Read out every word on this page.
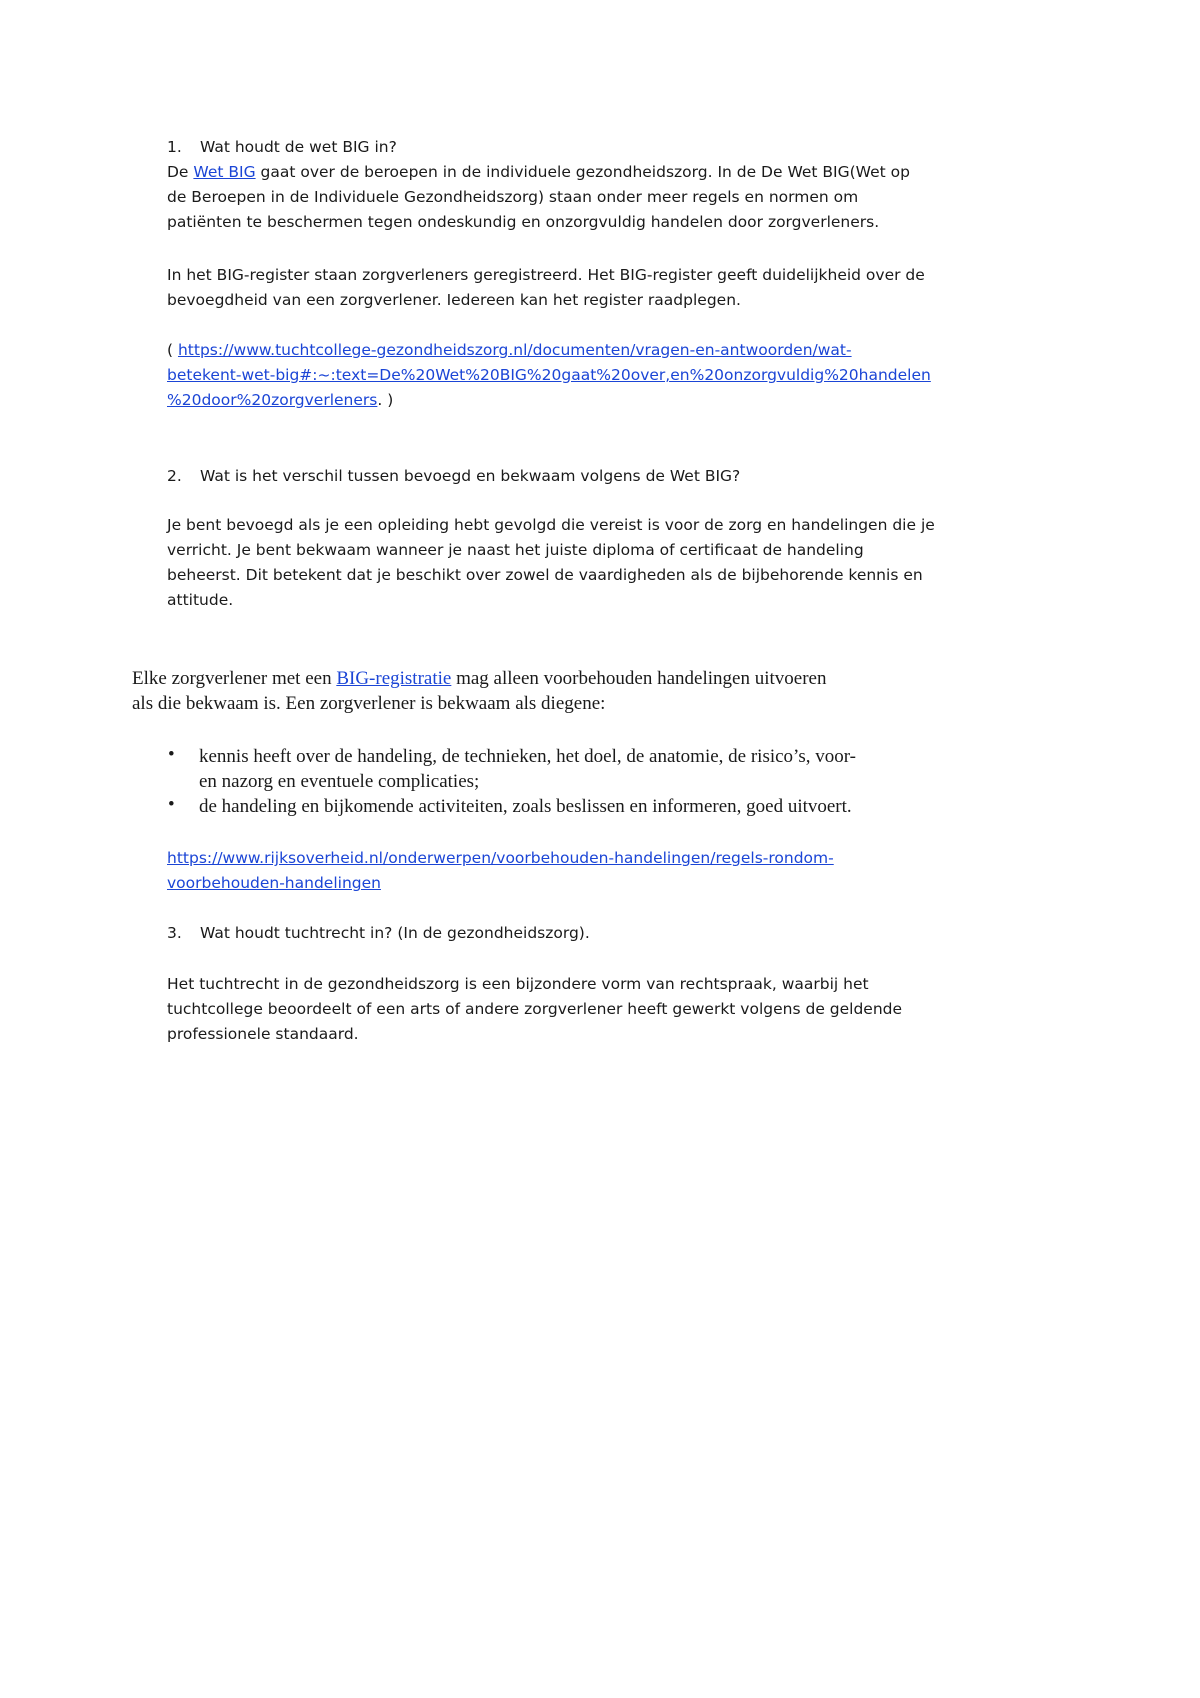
1. Wat houdt de wet BIG in?
De Wet BIG gaat over de beroepen in de individuele gezondheidszorg. In de De Wet BIG(Wet op
de Beroepen in de Individuele Gezondheidszorg) staan onder meer regels en normen om
patiënten te beschermen tegen ondeskundig en onzorgvuldig handelen door zorgverleners.
In het BIG-register staan zorgverleners geregistreerd. Het BIG-register geeft duidelijkheid over de
bevoegdheid van een zorgverlener. Iedereen kan het register raadplegen.
( https://www.tuchtcollege-gezondheidszorg.nl/documenten/vragen-en-antwoorden/wat-
betekent-wet-big#:~:text=De%20Wet%20BIG%20gaat%20over,en%20onzorgvuldig%20handelen
%20door%20zorgverleners. )
2. Wat is het verschil tussen bevoegd en bekwaam volgens de Wet BIG?
Je bent bevoegd als je een opleiding hebt gevolgd die vereist is voor de zorg en handelingen die je
verricht. Je bent bekwaam wanneer je naast het juiste diploma of certificaat de handeling
beheerst. Dit betekent dat je beschikt over zowel de vaardigheden als de bijbehorende kennis en
attitude.
Elke zorgverlener met een BIG-registratie mag alleen voorbehouden handelingen uitvoeren
als die bekwaam is. Een zorgverlener is bekwaam als diegene:
• kennis heeft over de handeling, de technieken, het doel, de anatomie, de risico’s, voor-
en nazorg en eventuele complicaties;
• de handeling en bijkomende activiteiten, zoals beslissen en informeren, goed uitvoert.
https://www.rijksoverheid.nl/onderwerpen/voorbehouden-handelingen/regels-rondom-
voorbehouden-handelingen
3. Wat houdt tuchtrecht in? (In de gezondheidszorg).
Het tuchtrecht in de gezondheidszorg is een bijzondere vorm van rechtspraak, waarbij het
tuchtcollege beoordeelt of een arts of andere zorgverlener heeft gewerkt volgens de geldende
professionele standaard.
